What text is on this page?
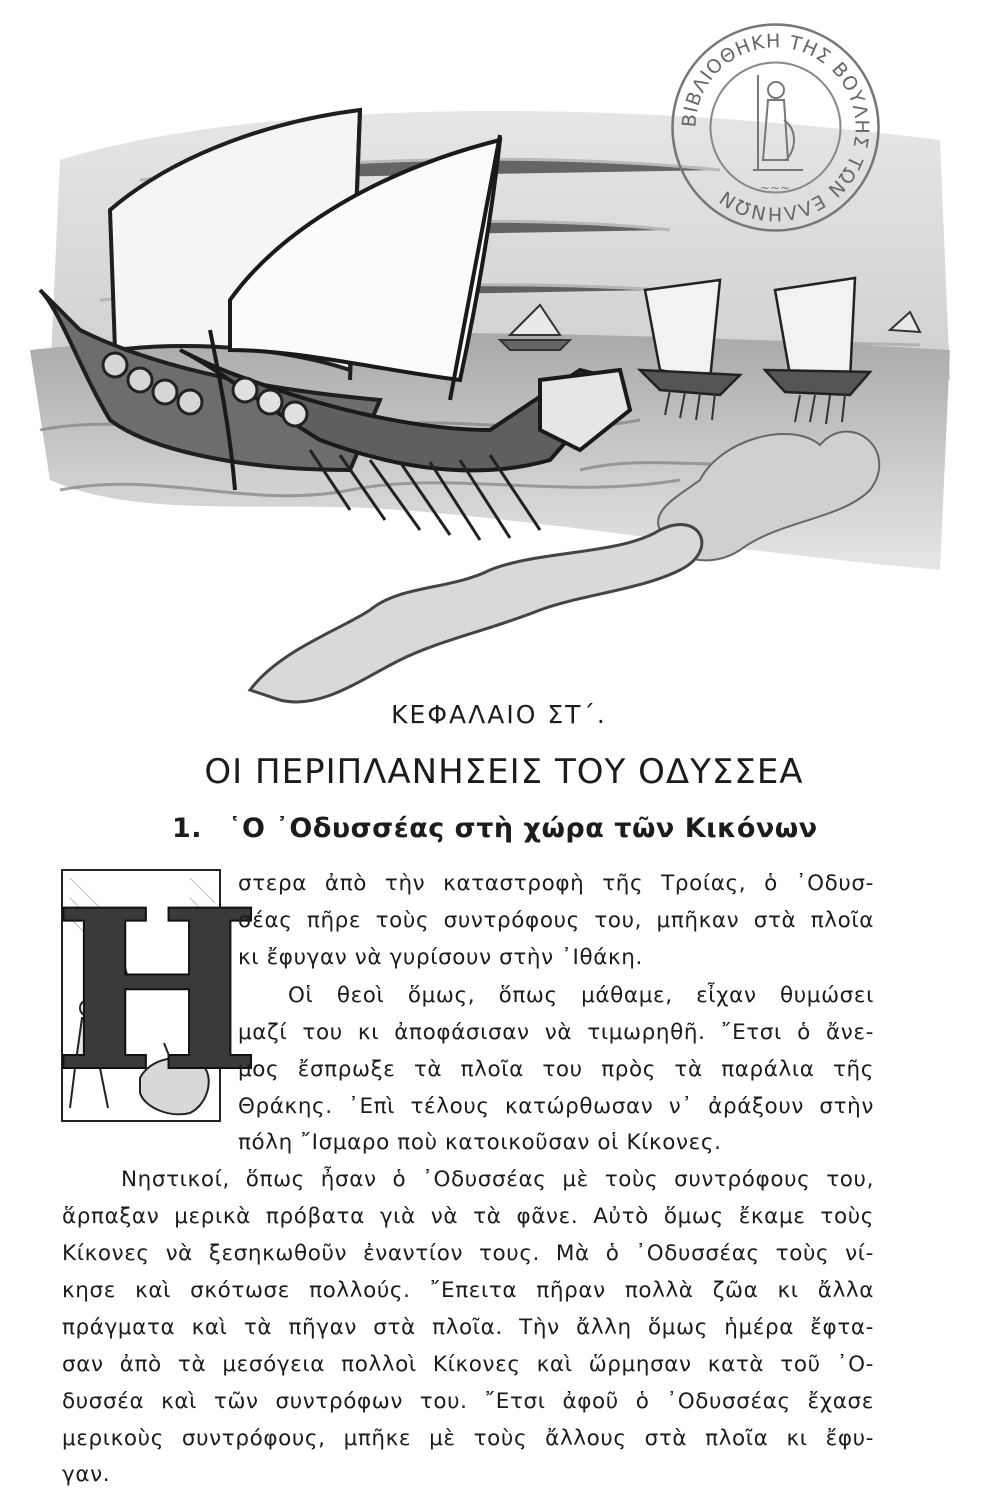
ΒΙΒΛΙΟΘΗΚΗ ΤΗΣ ΒΟΥΛΗΣ ΤΩΝ ΕΛΛΗΝΩΝ	~~~
ΚΕΦΑΛΑΙΟ ΣΤ΄.
ΟΙ ΠΕΡΙΠΛΑΝΗΣΕΙΣ ΤΟΥ ΟΔΥΣΣΕΑ
1. ῾Ο ᾿Οδυσσέας στὴ χώρα τῶν Κικόνων
Η
στερα ἀπὸ τὴν καταστροφὴ τῆς Τροίας, ὁ ᾿Οδυσ-
σέας πῆρε τοὺς συντρόφους του, μπῆκαν στὰ πλοῖα
κι ἔφυγαν νὰ γυρίσουν στὴν ᾿Ιθάκη.
Οἱ θεοὶ ὅμως, ὅπως μάθαμε, εἶχαν θυμώσει
μαζί του κι ἀποφάσισαν νὰ τιμωρηθῆ. ῎Ετσι ὁ ἄνε-
μος ἔσπρωξε τὰ πλοῖα του πρὸς τὰ παράλια τῆς
Θράκης. ᾿Επὶ τέλους κατώρθωσαν ν᾿ ἀράξουν στὴν
πόλη ῎Ισμαρο ποὺ κατοικοῦσαν οἱ Κίκονες.
Νηστικοί, ὅπως ἦσαν ὁ ᾿Οδυσσέας μὲ τοὺς συντρόφους του,
ἅρπαξαν μερικὰ πρόβατα γιὰ νὰ τὰ φᾶνε. Αὐτὸ ὅμως ἔκαμε τοὺς
Κίκονες νὰ ξεσηκωθοῦν ἐναντίον τους. Μὰ ὁ ᾿Οδυσσέας τοὺς νί-
κησε καὶ σκότωσε πολλούς. ῎Επειτα πῆραν πολλὰ ζῶα κι ἄλλα
πράγματα καὶ τὰ πῆγαν στὰ πλοῖα. Τὴν ἄλλη ὅμως ἡμέρα ἔφτα-
σαν ἀπὸ τὰ μεσόγεια πολλοὶ Κίκονες καὶ ὥρμησαν κατὰ τοῦ ᾿Ο-
δυσσέα καὶ τῶν συντρόφων του. ῎Ετσι ἀφοῦ ὁ ᾿Οδυσσέας ἔχασε
μερικοὺς συντρόφους, μπῆκε μὲ τοὺς ἄλλους στὰ πλοῖα κι ἔφυ-
γαν.
